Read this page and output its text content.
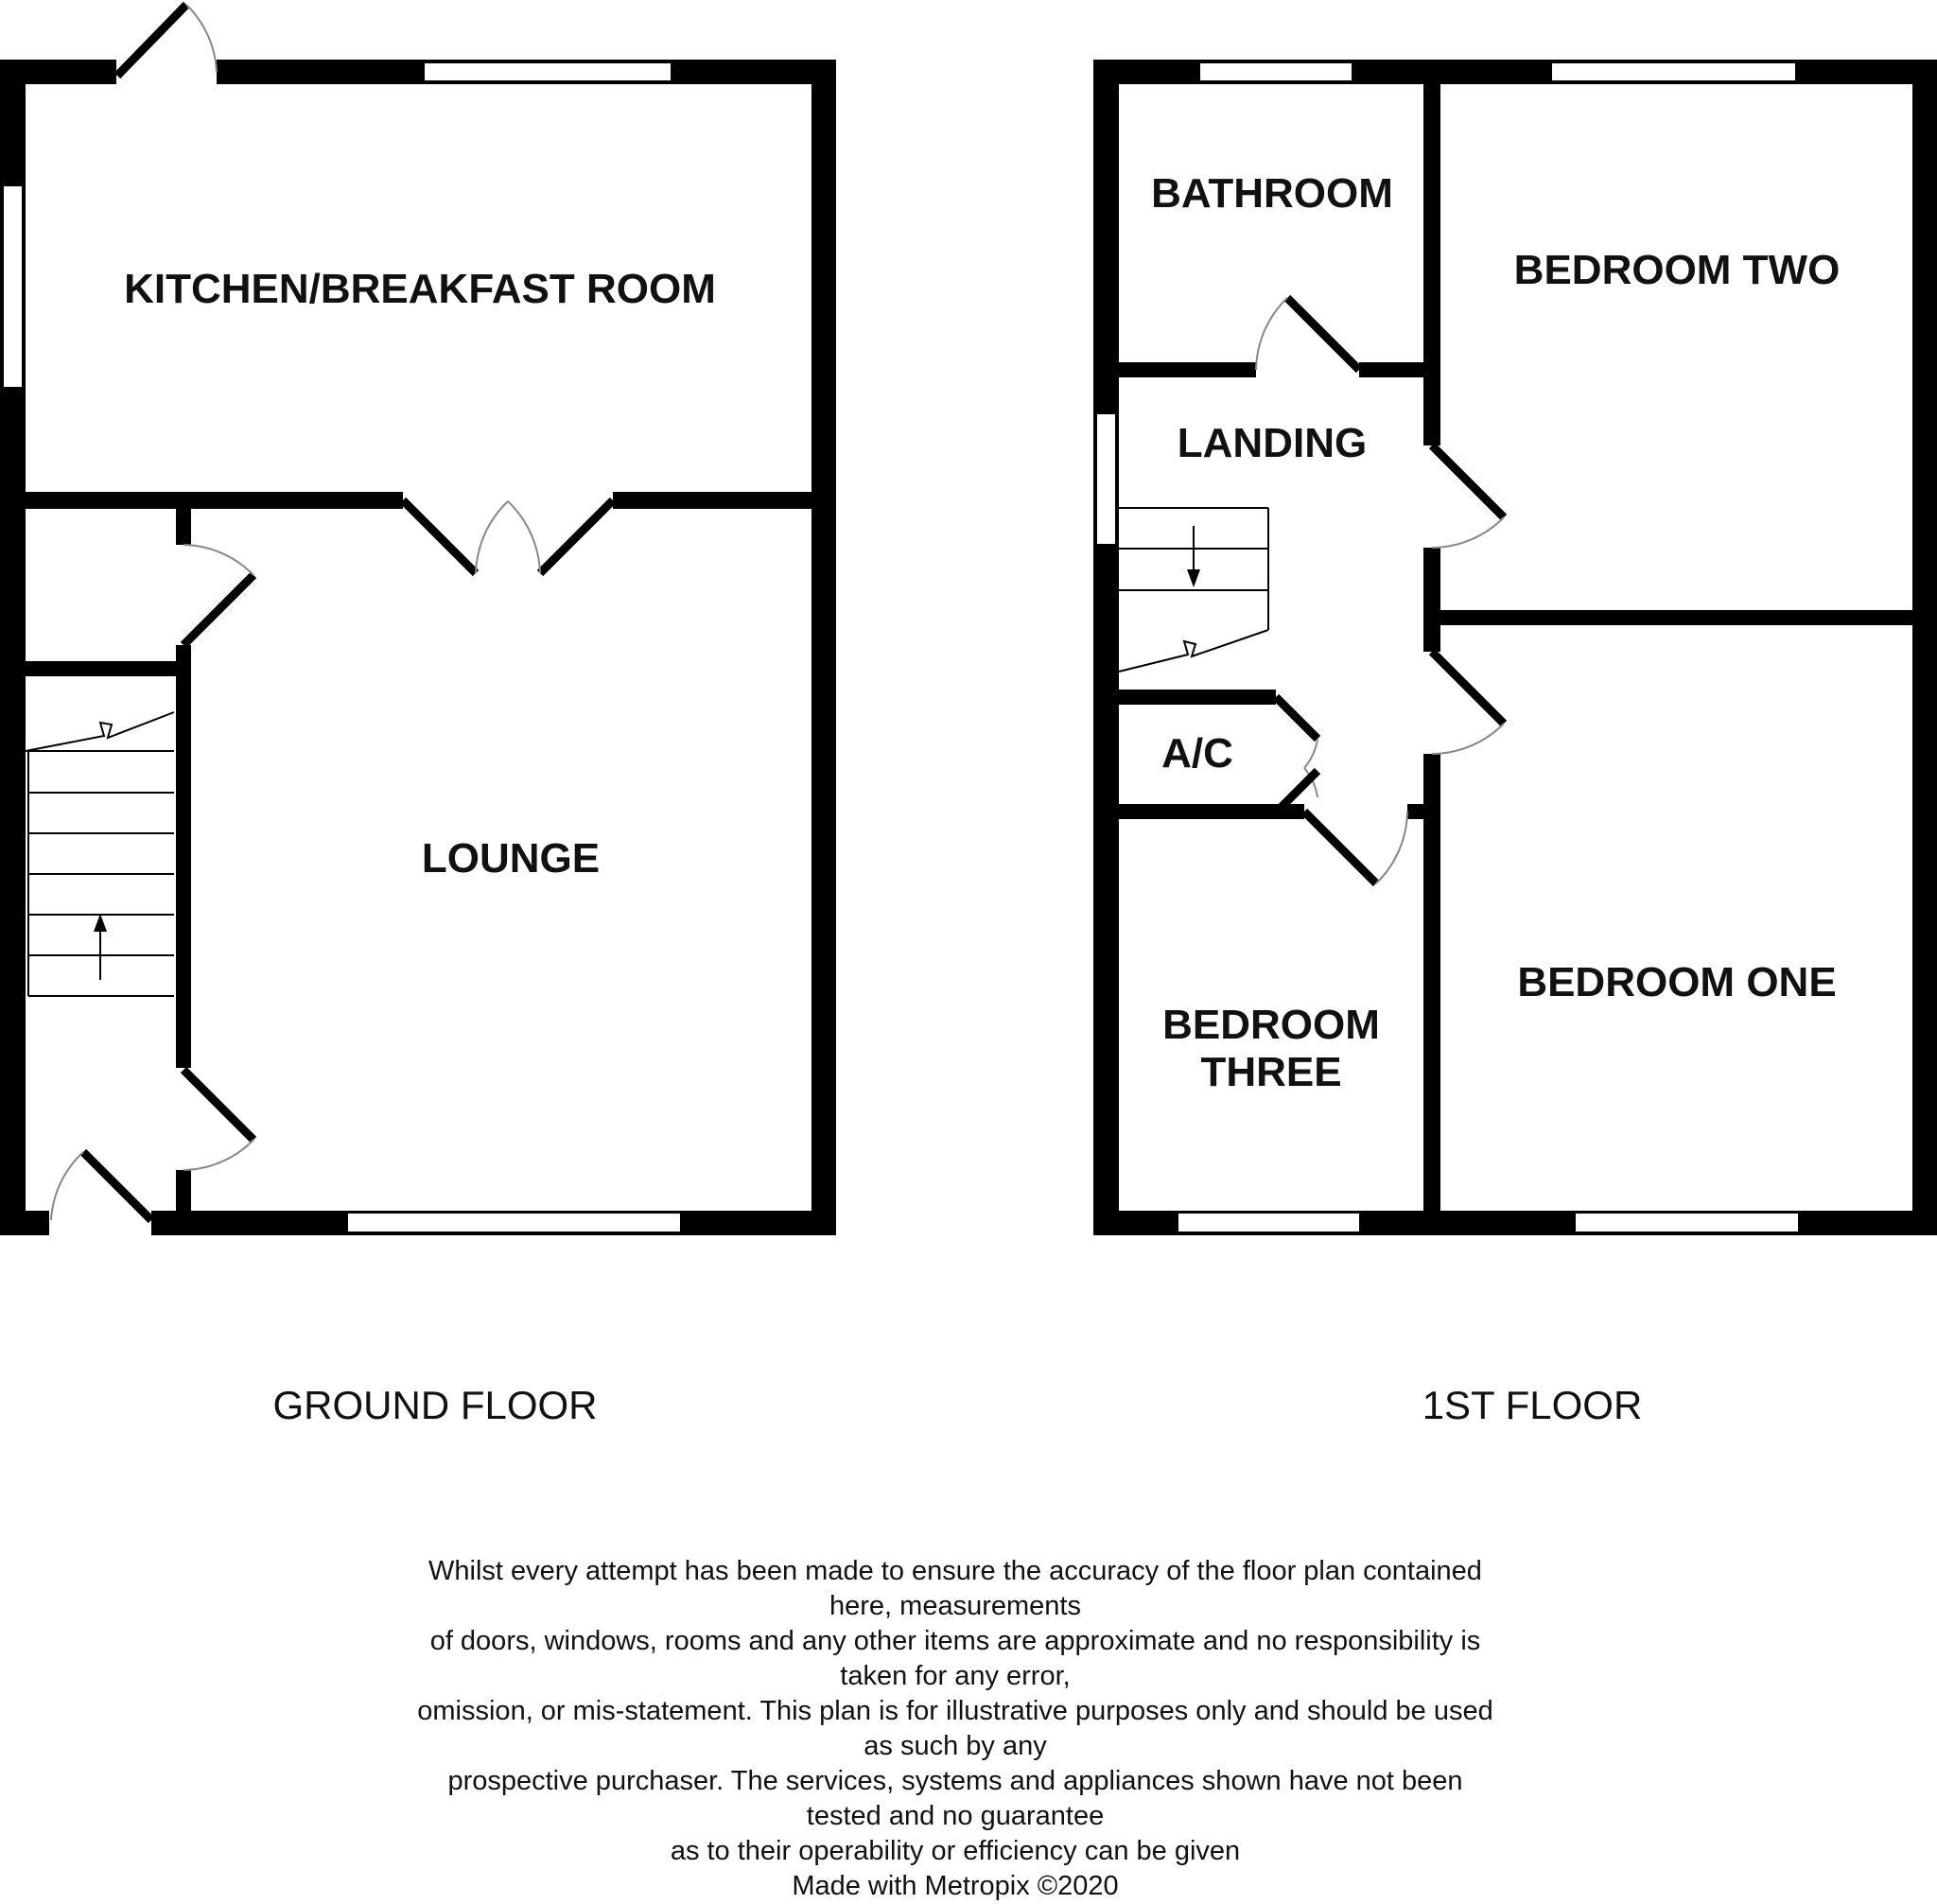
KITCHEN/BREAKFAST ROOM
LOUNGE
BATHROOM
BEDROOM TWO
LANDING
A/C
BEDROOM
THREE
BEDROOM ONE
GROUND FLOOR	1ST FLOOR
Whilst every attempt has been made to ensure the accuracy of the floor plan contained here, measurements
of doors, windows, rooms and any other items are approximate and no responsibility is taken for any error,
omission, or mis-statement. This plan is for illustrative purposes only and should be used as such by any
prospective purchaser. The services, systems and appliances shown have not been tested and no guarantee
as to their operability or efficiency can be given
Made with Metropix ©2020
